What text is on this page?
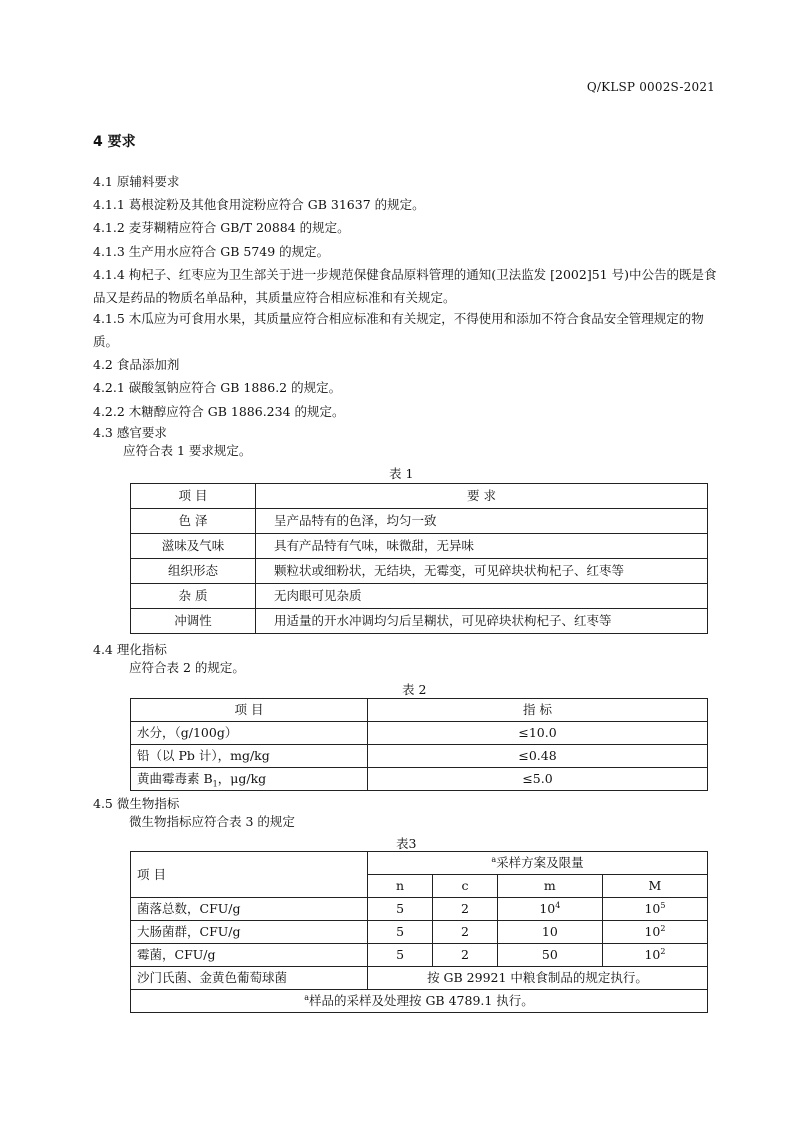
Q/KLSP 0002S-2021
4 要求
4.1 原辅料要求
4.1.1 葛根淀粉及其他食用淀粉应符合 GB 31637 的规定。
4.1.2 麦芽糊精应符合 GB/T 20884 的规定。
4.1.3 生产用水应符合 GB 5749 的规定。
4.1.4 枸杞子、红枣应为卫生部关于进一步规范保健食品原料管理的通知(卫法监发 [2002]51 号)中公告的既是食品又是药品的物质名单品种，其质量应符合相应标准和有关规定。
4.1.5 木瓜应为可食用水果，其质量应符合相应标准和有关规定，不得使用和添加不符合食品安全管理规定的物质。
4.2 食品添加剂
4.2.1 碳酸氢钠应符合 GB 1886.2 的规定。
4.2.2 木糖醇应符合 GB 1886.234 的规定。
4.3 感官要求
应符合表 1 要求规定。
表 1
项 目	要 求
色 泽	呈产品特有的色泽，均匀一致
滋味及气味	具有产品特有气味，味微甜，无异味
组织形态	颗粒状或细粉状，无结块，无霉变，可见碎块状枸杞子、红枣等
杂 质	无肉眼可见杂质
冲调性	用适量的开水冲调均匀后呈糊状，可见碎块状枸杞子、红枣等
4.4 理化指标
应符合表 2 的规定。
表 2
项 目	指 标
水分，（g/100g）	≤10.0
铅（以 Pb 计），mg/kg	≤0.48
黄曲霉毒素 $B_1$，μg/kg	≤5.0
4.5 微生物指标
微生物指标应符合表 3 的规定
表3
项 目	$^a$采样方案及限量			
	n	c	m	M
菌落总数，CFU/g	5	2	$10^4$	$10^5$
大肠菌群，CFU/g	5	2	10	$10^2$
霉菌，CFU/g	5	2	50	$10^2$
沙门氏菌、金黄色葡萄球菌	按 GB 29921 中粮食制品的规定执行。			
$^a$样品的采样及处理按 GB 4789.1 执行。				
